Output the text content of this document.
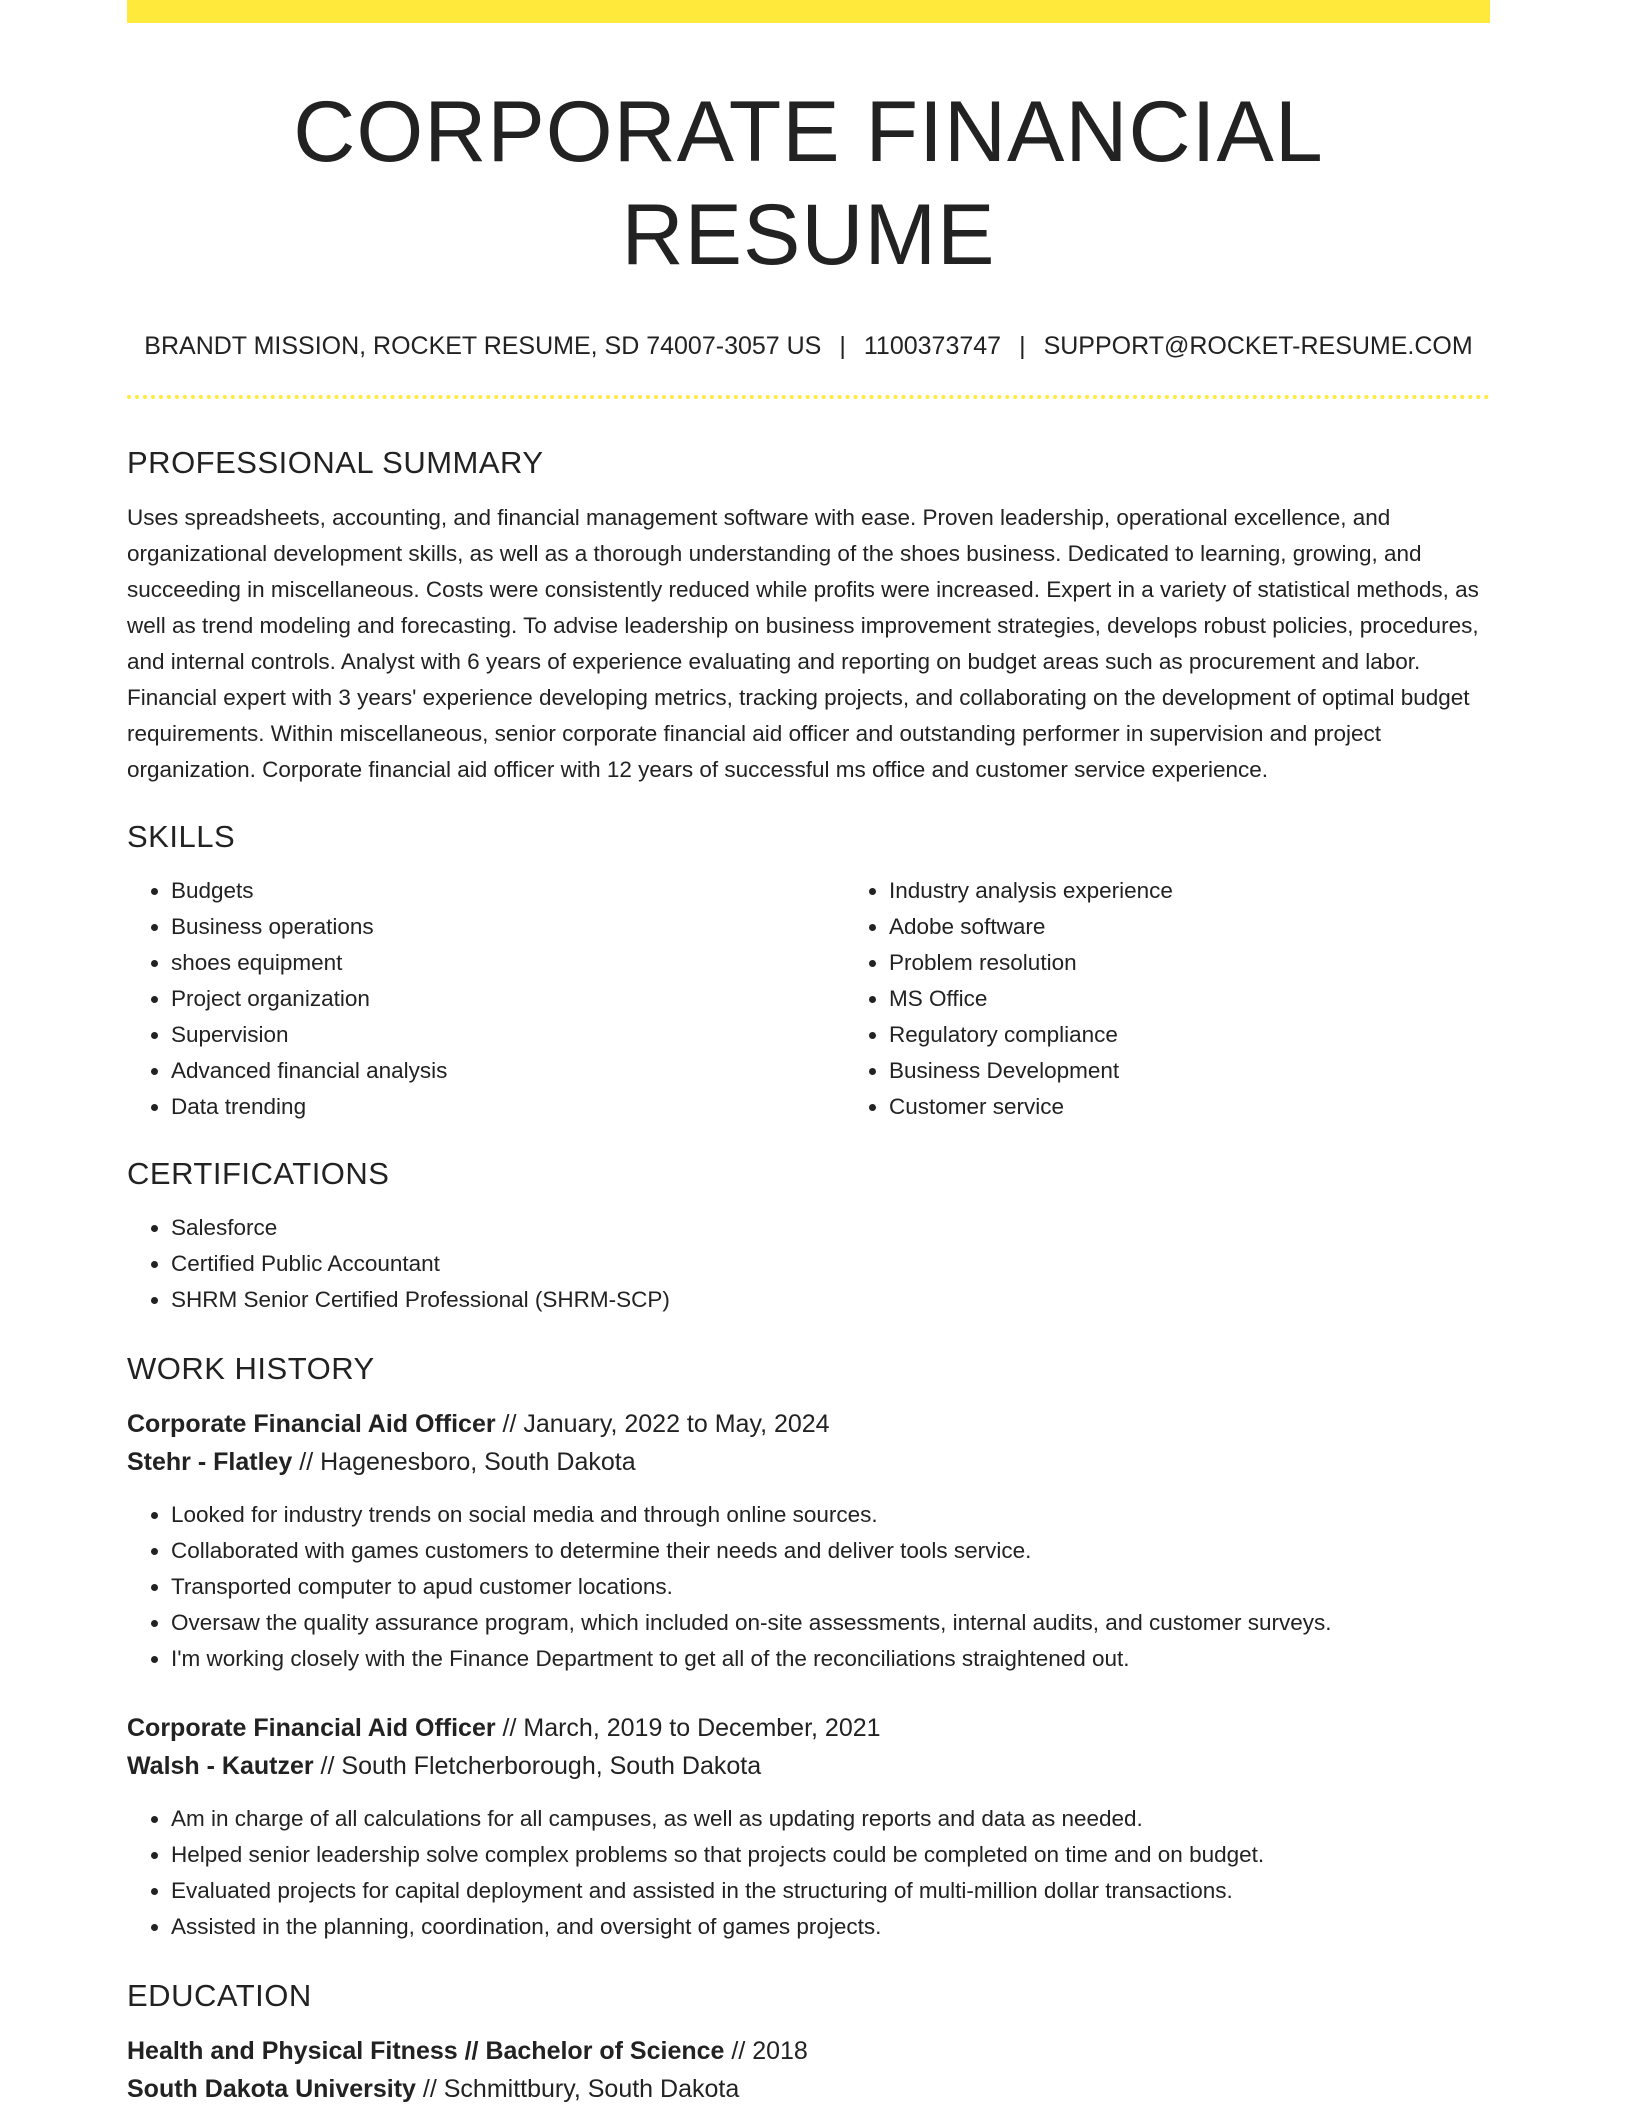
CORPORATE FINANCIAL RESUME
BRANDT MISSION, ROCKET RESUME, SD 74007-3057 US | 1100373747 | SUPPORT@ROCKET-RESUME.COM
PROFESSIONAL SUMMARY

Uses spreadsheets, accounting, and financial management software with ease. Proven leadership, operational excellence, and organizational development skills, as well as a thorough understanding of the shoes business. Dedicated to learning, growing, and succeeding in miscellaneous. Costs were consistently reduced while profits were increased. Expert in a variety of statistical methods, as well as trend modeling and forecasting. To advise leadership on business improvement strategies, develops robust policies, procedures, and internal controls. Analyst with 6 years of experience evaluating and reporting on budget areas such as procurement and labor. Financial expert with 3 years' experience developing metrics, tracking projects, and collaborating on the development of optimal budget requirements. Within miscellaneous, senior corporate financial aid officer and outstanding performer in supervision and project organization. Corporate financial aid officer with 12 years of successful ms office and customer service experience.

SKILLS
• Budgets
• Business operations
• shoes equipment
• Project organization
• Supervision
• Advanced financial analysis
• Data trending
• Industry analysis experience
• Adobe software
• Problem resolution
• MS Office
• Regulatory compliance
• Business Development
• Customer service
CERTIFICATIONS
• Salesforce
• Certified Public Accountant
• SHRM Senior Certified Professional (SHRM-SCP)
WORK HISTORY
Corporate Financial Aid Officer // January, 2022 to May, 2024
Stehr - Flatley // Hagenesboro, South Dakota
• Looked for industry trends on social media and through online sources.
• Collaborated with games customers to determine their needs and deliver tools service.
• Transported computer to apud customer locations.
• Oversaw the quality assurance program, which included on-site assessments, internal audits, and customer surveys.
• I'm working closely with the Finance Department to get all of the reconciliations straightened out.
Corporate Financial Aid Officer // March, 2019 to December, 2021
Walsh - Kautzer // South Fletcherborough, South Dakota
• Am in charge of all calculations for all campuses, as well as updating reports and data as needed.
• Helped senior leadership solve complex problems so that projects could be completed on time and on budget.
• Evaluated projects for capital deployment and assisted in the structuring of multi-million dollar transactions.
• Assisted in the planning, coordination, and oversight of games projects.
EDUCATION
Health and Physical Fitness // Bachelor of Science // 2018
South Dakota University // Schmittbury, South Dakota
